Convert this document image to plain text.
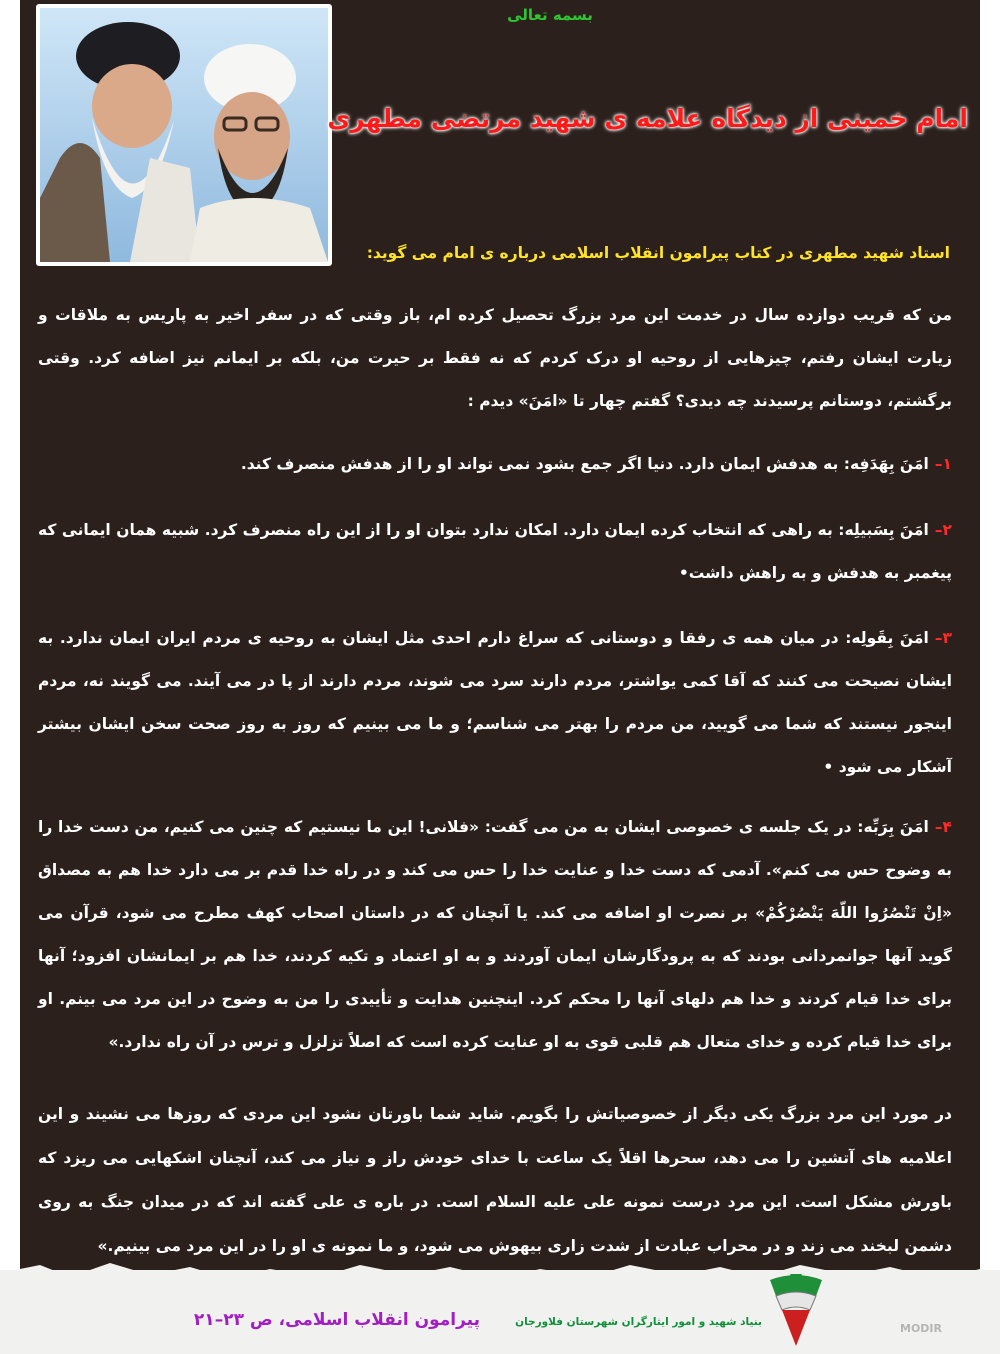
بسمه تعالی
امام خمینی از دیدگاه علامه ی شهید مرتضی مطهری
استاد شهید مطهری در کتاب پیرامون انقلاب اسلامی درباره ی امام می گوید:
من که قریب دوازده سال در خدمت این مرد بزرگ تحصیل کرده ام، باز وقتی که در سفر اخیر به پاریس به ملاقات و زیارت ایشان رفتم، چیزهایی از روحیه او درک کردم که نه فقط بر حیرت من، بلکه بر ایمانم نیز اضافه کرد. وقتی برگشتم، دوستانم پرسیدند چه دیدی؟ گفتم چهار تا «امَنَ» دیدم :
۱–امَنَ بِهَدَفِه: به هدفش ایمان دارد. دنیا اگر جمع بشود نمی تواند او را از هدفش منصرف کند.
۲–امَنَ بِسَبیلِه: به راهی که انتخاب کرده ایمان دارد. امکان ندارد بتوان او را از این راه منصرف کرد. شبیه همان ایمانی که پیغمبر به هدفش و به راهش داشت•
۳–امَنَ بِقَولِه: در میان همه ی رفقا و دوستانی که سراغ دارم احدی مثل ایشان به روحیه ی مردم ایران ایمان ندارد. به ایشان نصیحت می کنند که آقا کمی یواشتر، مردم دارند سرد می شوند، مردم دارند از پا در می آیند. می گویند نه، مردم اینجور نیستند که شما می گویید، من مردم را بهتر می شناسم؛ و ما می بینیم که روز به روز صحت سخن ایشان بیشتر آشکار می شود •
۴–امَنَ بِرَبِّه: در یک جلسه ی خصوصی ایشان به من می گفت: «فلانی! این ما نیستیم که چنین می کنیم، من دست خدا را به وضوح حس می کنم». آدمی که دست خدا و عنایت خدا را حس می کند و در راه خدا قدم بر می دارد خدا هم به مصداق «اِنْ تَنْصُرُوا اللّهَ یَنْصُرْکُمْ» بر نصرت او اضافه می کند. یا آنچنان که در داستان اصحاب کهف مطرح می شود، قرآن می گوید آنها جوانمردانی بودند که به پرودگارشان ایمان آوردند و به او اعتماد و تکیه کردند، خدا هم بر ایمانشان افزود؛ آنها برای خدا قیام کردند و خدا هم دلهای آنها را محکم کرد. اینچنین هدایت و تأییدی را من به وضوح در این مرد می بینم. او برای خدا قیام کرده و خدای متعال هم قلبی قوی به او عنایت کرده است که اصلاً تزلزل و ترس در آن راه ندارد.»
در مورد این مرد بزرگ یکی دیگر از خصوصیاتش را بگویم. شاید شما باورتان نشود این مردی که روزها می نشیند و این اعلامیه های آتشین را می دهد، سحرها اقلاً یک ساعت با خدای خودش راز و نیاز می کند، آنچنان اشکهایی می ریزد که باورش مشکل است. این مرد درست نمونه علی علیه السلام است. در باره ی علی گفته اند که در میدان جنگ به روی دشمن لبخند می زند و در محراب عبادت از شدت زاری بیهوش می شود، و ما نمونه ی او را در این مرد می بینیم.»
پیرامون انقلاب اسلامی، ص ۲۳–۲۱	بنیاد شهید و امور ایثارگران شهرستان فلاورجان	MODIR
